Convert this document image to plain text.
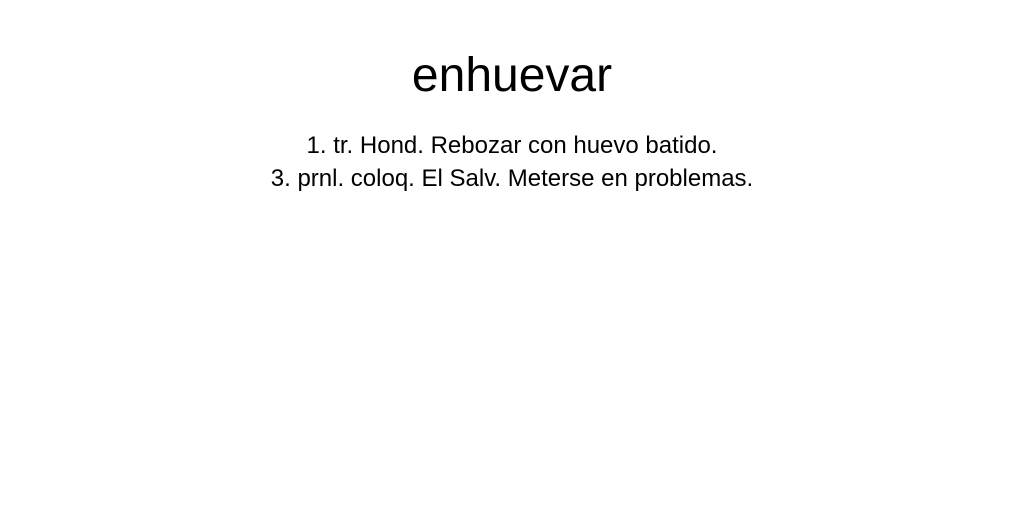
enhuevar
1. tr. Hond. Rebozar con huevo batido.
3. prnl. coloq. El Salv. Meterse en problemas.
